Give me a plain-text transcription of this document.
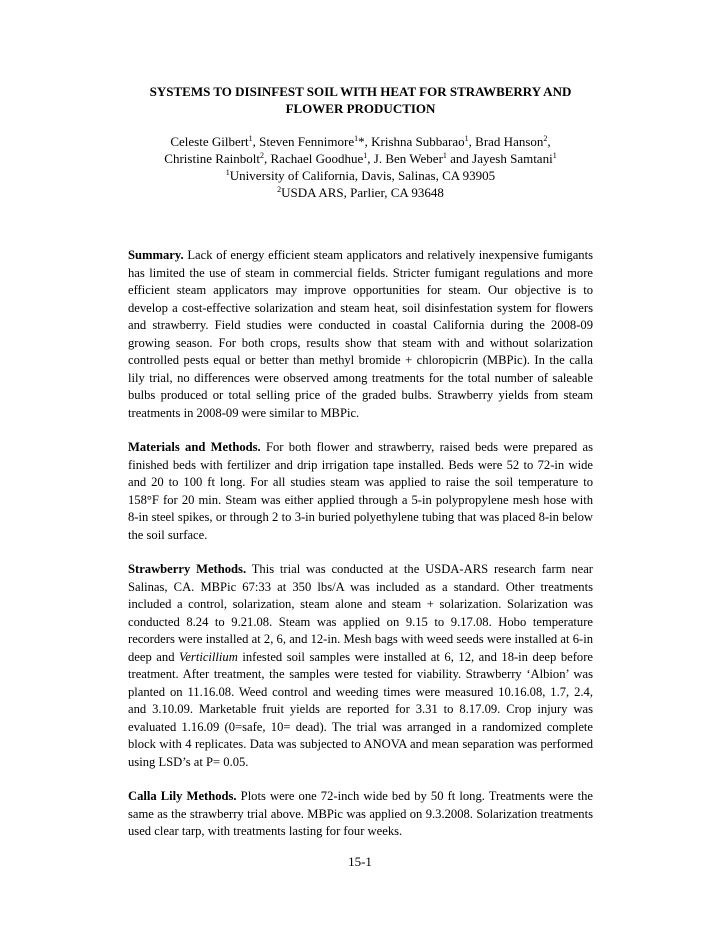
SYSTEMS TO DISINFEST SOIL WITH HEAT FOR STRAWBERRY AND
FLOWER PRODUCTION

Celeste Gilbert$^1$, Steven Fennimore$^1$*, Krishna Subbarao$^1$, Brad Hanson$^2$,
Christine Rainbolt$^2$, Rachael Goodhue$^1$, J. Ben Weber$^1$ and Jayesh Samtani$^1$
$^1$University of California, Davis, Salinas, CA 93905
$^2$USDA ARS, Parlier, CA 93648

Summary. Lack of energy efficient steam applicators and relatively inexpensive fumigants has limited the use of steam in commercial fields. Stricter fumigant regulations and more efficient steam applicators may improve opportunities for steam. Our objective is to develop a cost-effective solarization and steam heat, soil disinfestation system for flowers and strawberry. Field studies were conducted in coastal California during the 2008-09 growing season. For both crops, results show that steam with and without solarization controlled pests equal or better than methyl bromide + chloropicrin (MBPic). In the calla lily trial, no differences were observed among treatments for the total number of saleable bulbs produced or total selling price of the graded bulbs. Strawberry yields from steam treatments in 2008-09 were similar to MBPic.

Materials and Methods. For both flower and strawberry, raised beds were prepared as finished beds with fertilizer and drip irrigation tape installed. Beds were 52 to 72-in wide and 20 to 100 ft long. For all studies steam was applied to raise the soil temperature to 158°F for 20 min. Steam was either applied through a 5-in polypropylene mesh hose with 8-in steel spikes, or through 2 to 3-in buried polyethylene tubing that was placed 8-in below the soil surface.

Strawberry Methods. This trial was conducted at the USDA-ARS research farm near Salinas, CA. MBPic 67:33 at 350 lbs/A was included as a standard. Other treatments included a control, solarization, steam alone and steam + solarization. Solarization was conducted 8.24 to 9.21.08. Steam was applied on 9.15 to 9.17.08. Hobo temperature recorders were installed at 2, 6, and 12-in. Mesh bags with weed seeds were installed at 6-in deep and Verticillium infested soil samples were installed at 6, 12, and 18-in deep before treatment. After treatment, the samples were tested for viability. Strawberry ‘Albion’ was planted on 11.16.08. Weed control and weeding times were measured 10.16.08, 1.7, 2.4, and 3.10.09. Marketable fruit yields are reported for 3.31 to 8.17.09. Crop injury was evaluated 1.16.09 (0=safe, 10= dead). The trial was arranged in a randomized complete block with 4 replicates. Data was subjected to ANOVA and mean separation was performed using LSD’s at P= 0.05.

Calla Lily Methods. Plots were one 72-inch wide bed by 50 ft long. Treatments were the same as the strawberry trial above. MBPic was applied on 9.3.2008. Solarization treatments used clear tarp, with treatments lasting for four weeks.

15-1
